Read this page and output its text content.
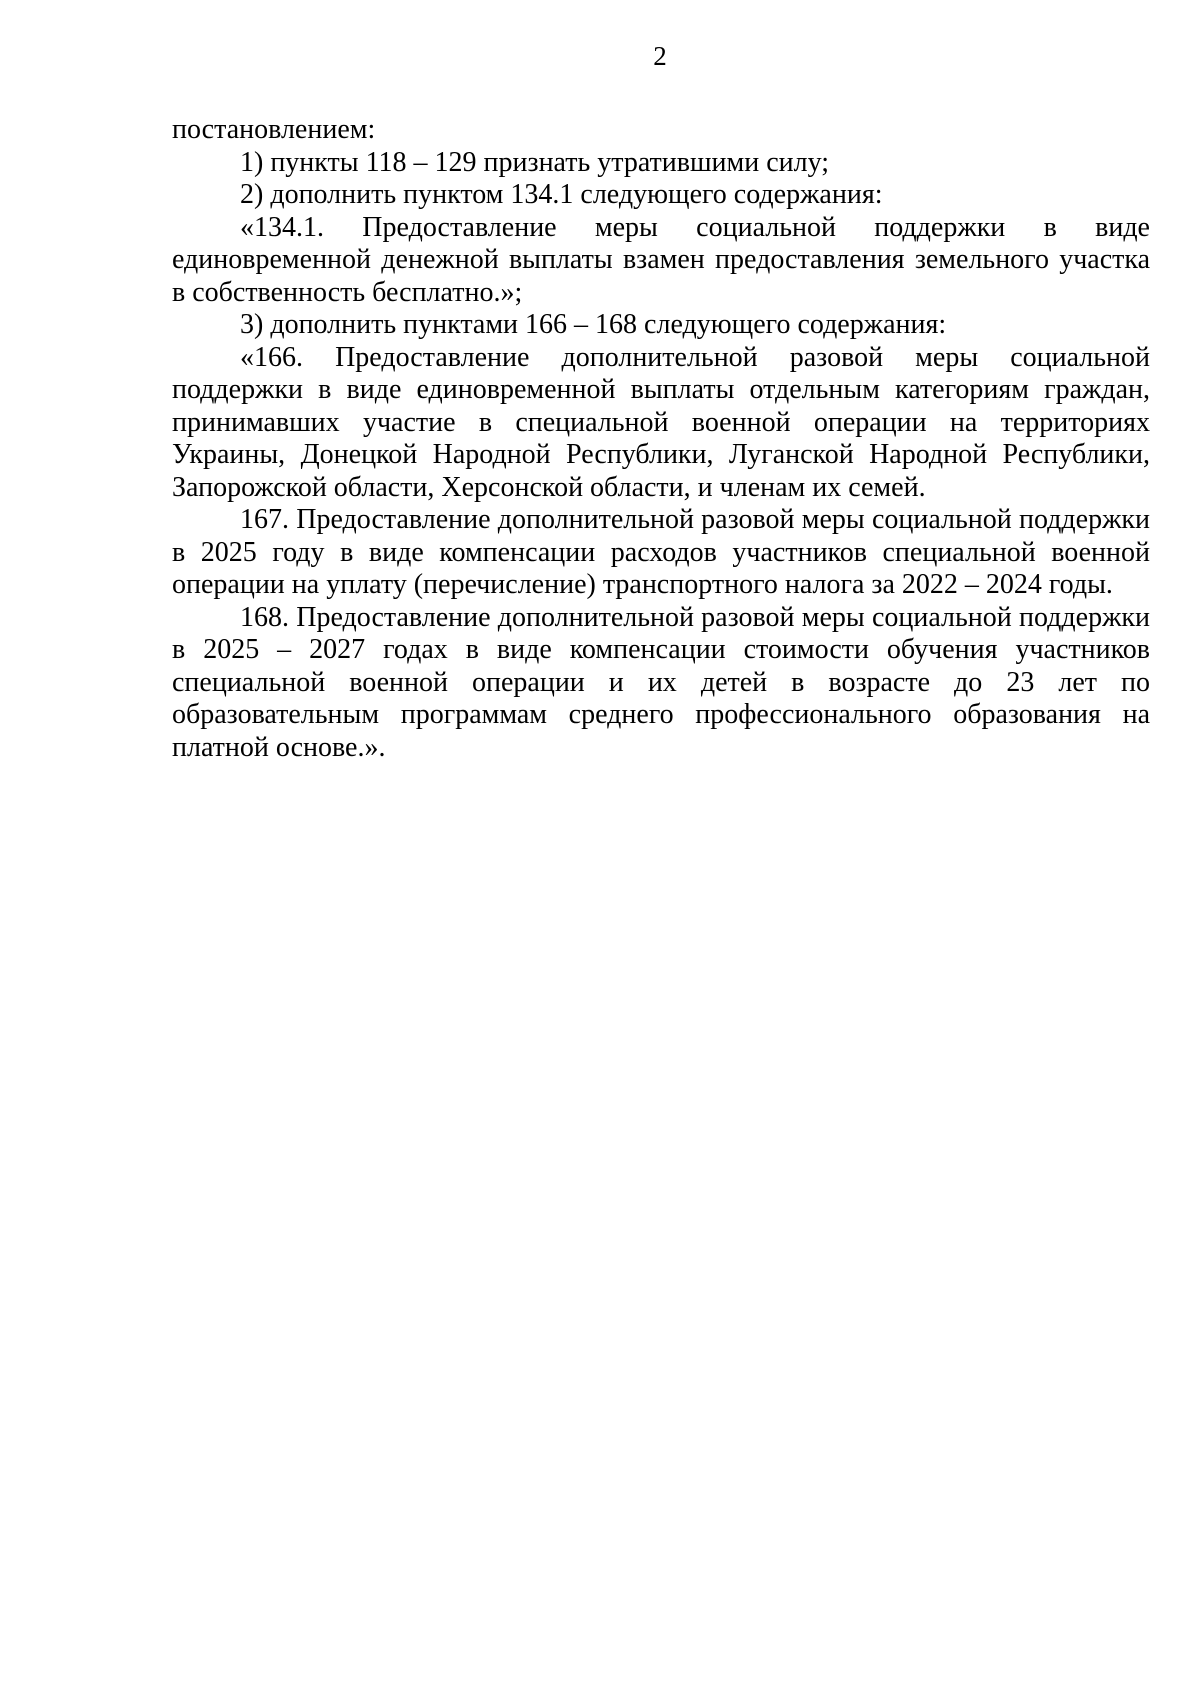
2

постановлением:

1) пункты 118 – 129 признать утратившими силу;

2) дополнить пунктом 134.1 следующего содержания:

«134.1. Предоставление меры социальной поддержки в виде единовременной денежной выплаты взамен предоставления земельного участка в собственность бесплатно.»;

3) дополнить пунктами 166 – 168 следующего содержания:

«166. Предоставление дополнительной разовой меры социальной поддержки в виде единовременной выплаты отдельным категориям граждан, принимавших участие в специальной военной операции на территориях Украины, Донецкой Народной Республики, Луганской Народной Республики, Запорожской области, Херсонской области, и членам их семей.

167. Предоставление дополнительной разовой меры социальной поддержки в 2025 году в виде компенсации расходов участников специальной военной операции на уплату (перечисление) транспортного налога за 2022 – 2024 годы.

168. Предоставление дополнительной разовой меры социальной поддержки в 2025 – 2027 годах в виде компенсации стоимости обучения участников специальной военной операции и их детей в возрасте до 23 лет по образовательным программам среднего профессионального образования на платной основе.».
